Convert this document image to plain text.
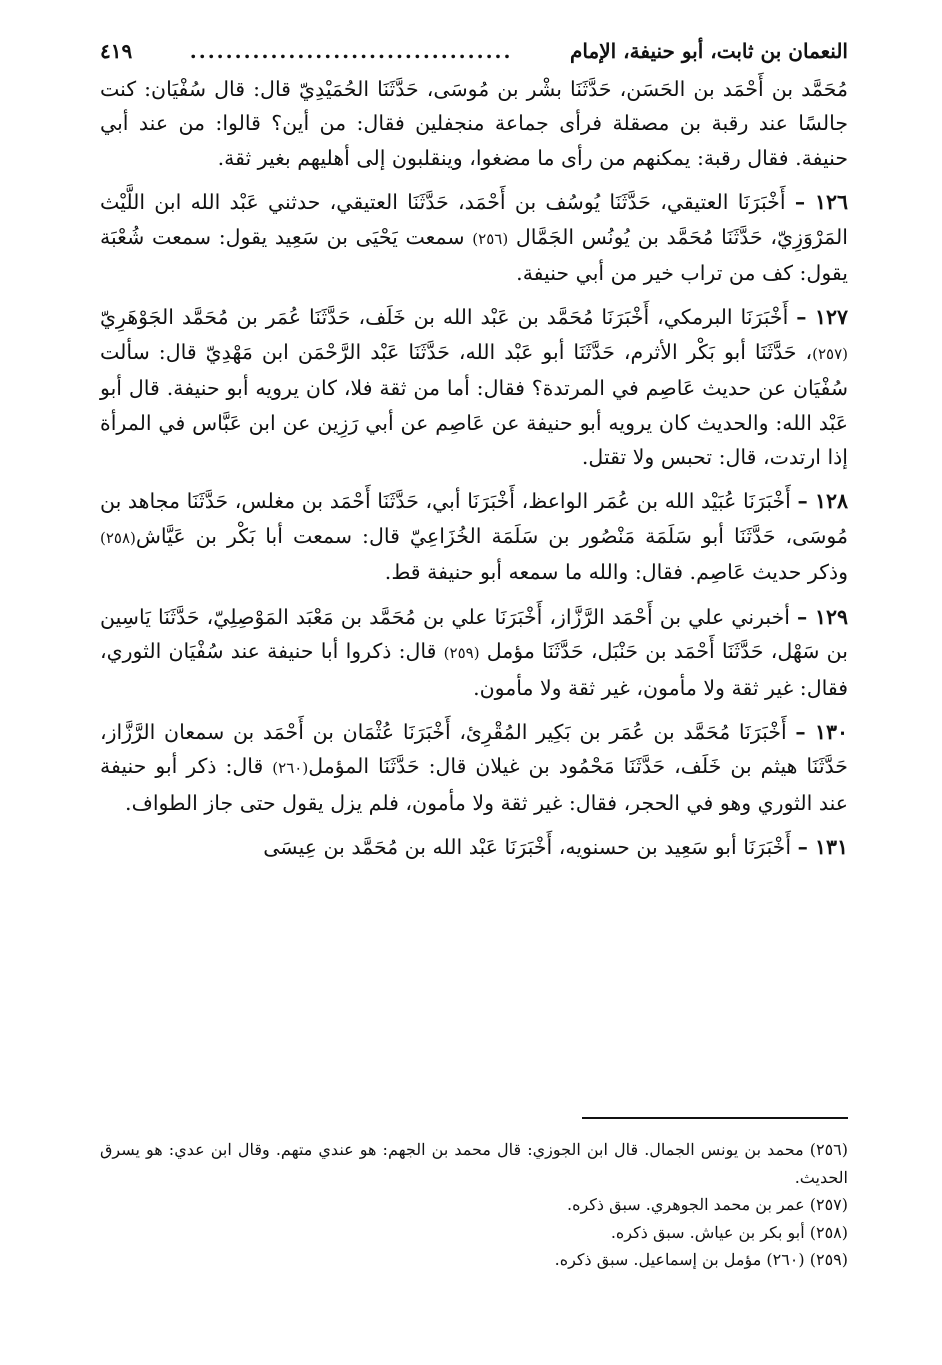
النعمان بن ثابت، أبو حنيفة، الإمام
....................................
٤١٩

مُحَمَّد بن أَحْمَد بن الحَسَن، حَدَّثَنَا بشْر بن مُوسَى، حَدَّثَنَا الحُمَيْدِيّ قال: قال سُفْيَان: كنت جالسًا عند رقبة بن مصقلة فرأى جماعة منجفلين فقال: من أين؟ قالوا: من عند أبي حنيفة. فقال رقبة: يمكنهم من رأى ما مضغوا، وينقلبون إلى أهليهم بغير ثقة.

١٢٦ – أَخْبَرَنَا العتيقي، حَدَّثَنَا يُوسُف بن أَحْمَد، حَدَّثَنَا العتيقي، حدثني عَبْد الله ابن اللَّيْث المَرْوَزِيّ، حَدَّثَنَا مُحَمَّد بن يُونُس الجَمَّال (٢٥٦) سمعت يَحْيَى بن سَعِيد يقول: سمعت شُعْبَة يقول: كف من تراب خير من أبي حنيفة.

١٢٧ – أَخْبَرَنَا البرمكي، أَخْبَرَنَا مُحَمَّد بن عَبْد الله بن خَلَف، حَدَّثَنَا عُمَر بن مُحَمَّد الجَوْهَرِيّ (٢٥٧)، حَدَّثَنَا أبو بَكْر الأثرم، حَدَّثَنَا أبو عَبْد الله، حَدَّثَنَا عَبْد الرَّحْمَن ابن مَهْدِيّ قال: سألت سُفْيَان عن حديث عَاصِم في المرتدة؟ فقال: أما من ثقة فلا، كان يرويه أبو حنيفة. قال أبو عَبْد الله: والحديث كان يرويه أبو حنيفة عن عَاصِم عن أبي رَزِين عن ابن عَبَّاس في المرأة إذا ارتدت، قال: تحبس ولا تقتل.

١٢٨ – أَخْبَرَنَا عُبَيْد الله بن عُمَر الواعظ، أَخْبَرَنَا أبي، حَدَّثَنَا أَحْمَد بن مغلس، حَدَّثَنَا مجاهد بن مُوسَى، حَدَّثَنَا أبو سَلَمَة مَنْصُور بن سَلَمَة الخُزَاعِيّ قال: سمعت أبا بَكْر بن عَيَّاش(٢٥٨) وذكر حديث عَاصِم. فقال: والله ما سمعه أبو حنيفة قط.

١٢٩ – أخبرني علي بن أَحْمَد الرَّزَّاز، أَخْبَرَنَا علي بن مُحَمَّد بن مَعْبَد المَوْصِلِيّ، حَدَّثَنَا يَاسِين بن سَهْل، حَدَّثَنَا أَحْمَد بن حَنْبَل، حَدَّثَنَا مؤمل (٢٥٩) قال: ذكروا أبا حنيفة عند سُفْيَان الثوري، فقال: غير ثقة ولا مأمون، غير ثقة ولا مأمون.

١٣٠ – أَخْبَرَنَا مُحَمَّد بن عُمَر بن بَكِير المُقْرِئ، أَخْبَرَنَا عُثْمَان بن أَحْمَد بن سمعان الرَّزَّاز، حَدَّثَنَا هيثم بن خَلَف، حَدَّثَنَا مَحْمُود بن غيلان قال: حَدَّثَنَا المؤمل(٢٦٠) قال: ذكر أبو حنيفة عند الثوري وهو في الحجر، فقال: غير ثقة ولا مأمون، فلم يزل يقول حتى جاز الطواف.

١٣١ – أَخْبَرَنَا أبو سَعِيد بن حسنويه، أَخْبَرَنَا عَبْد الله بن مُحَمَّد بن عِيسَى

(٢٥٦) محمد بن يونس الجمال. قال ابن الجوزي: قال محمد بن الجهم: هو عندي متهم. وقال ابن عدي: هو يسرق الحديث.

(٢٥٧) عمر بن محمد الجوهري. سبق ذكره.

(٢٥٨) أبو بكر بن عياش. سبق ذكره.

(٢٥٩) (٢٦٠) مؤمل بن إسماعيل. سبق ذكره.
